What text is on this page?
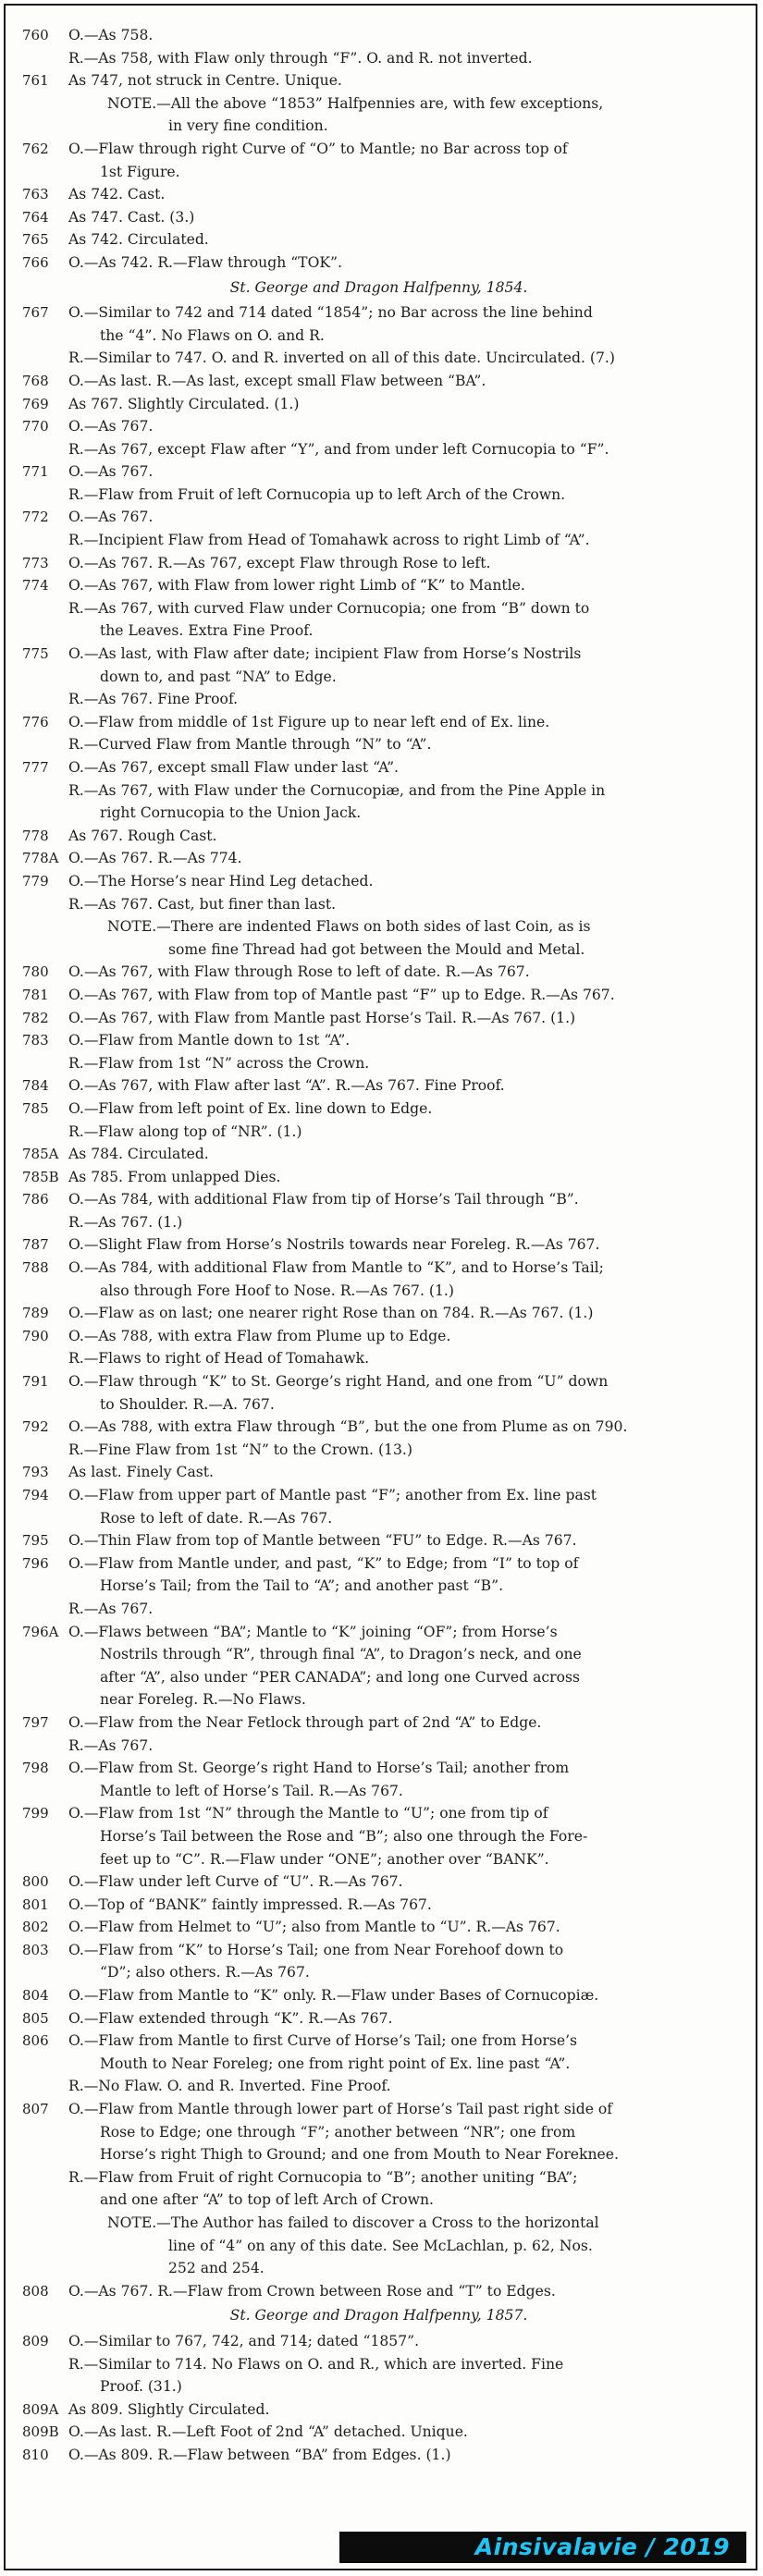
760	O.—As 758.
R.—As 758, with Flaw only through “F”. O. and R. not inverted.
761	As 747, not struck in Centre. Unique.
NOTE.—All the above “1853” Halfpennies are, with few exceptions,
in very fine condition.
762	O.—Flaw through right Curve of “O” to Mantle; no Bar across top of
1st Figure.
763	As 742. Cast.
764	As 747. Cast. (3.)
765	As 742. Circulated.
766	O.—As 742. R.—Flaw through “TOK”.
St. George and Dragon Halfpenny, 1854.
767	O.—Similar to 742 and 714 dated “1854”; no Bar across the line behind
the “4”. No Flaws on O. and R.
R.—Similar to 747. O. and R. inverted on all of this date. Uncirculated. (7.)
768	O.—As last. R.—As last, except small Flaw between “BA”.
769	As 767. Slightly Circulated. (1.)
770	O.—As 767.
R.—As 767, except Flaw after “Y”, and from under left Cornucopia to “F”.
771	O.—As 767.
R.—Flaw from Fruit of left Cornucopia up to left Arch of the Crown.
772	O.—As 767.
R.—Incipient Flaw from Head of Tomahawk across to right Limb of “A”.
773	O.—As 767. R.—As 767, except Flaw through Rose to left.
774	O.—As 767, with Flaw from lower right Limb of “K” to Mantle.
R.—As 767, with curved Flaw under Cornucopia; one from “B” down to
the Leaves. Extra Fine Proof.
775	O.—As last, with Flaw after date; incipient Flaw from Horse’s Nostrils
down to, and past “NA” to Edge.
R.—As 767. Fine Proof.
776	O.—Flaw from middle of 1st Figure up to near left end of Ex. line.
R.—Curved Flaw from Mantle through “N” to “A”.
777	O.—As 767, except small Flaw under last “A”.
R.—As 767, with Flaw under the Cornucopiæ, and from the Pine Apple in
right Cornucopia to the Union Jack.
778	As 767. Rough Cast.
778A O.—As 767. R.—As 774.
779	O.—The Horse’s near Hind Leg detached.
R.—As 767. Cast, but finer than last.
NOTE.—There are indented Flaws on both sides of last Coin, as is
some fine Thread had got between the Mould and Metal.
780	O.—As 767, with Flaw through Rose to left of date. R.—As 767.
781	O.—As 767, with Flaw from top of Mantle past “F” up to Edge. R.—As 767.
782	O.—As 767, with Flaw from Mantle past Horse’s Tail. R.—As 767. (1.)
783	O.—Flaw from Mantle down to 1st “A”.
R.—Flaw from 1st “N” across the Crown.
784	O.—As 767, with Flaw after last “A”. R.—As 767. Fine Proof.
785	O.—Flaw from left point of Ex. line down to Edge.
R.—Flaw along top of “NR”. (1.)
785A As 784. Circulated.
785B As 785. From unlapped Dies.
786	O.—As 784, with additional Flaw from tip of Horse’s Tail through “B”.
R.—As 767. (1.)
787	O.—Slight Flaw from Horse’s Nostrils towards near Foreleg. R.—As 767.
788	O.—As 784, with additional Flaw from Mantle to “K”, and to Horse’s Tail;
also through Fore Hoof to Nose. R.—As 767. (1.)
789	O.—Flaw as on last; one nearer right Rose than on 784. R.—As 767. (1.)
790	O.—As 788, with extra Flaw from Plume up to Edge.
R.—Flaws to right of Head of Tomahawk.
791	O.—Flaw through “K” to St. George’s right Hand, and one from “U” down
to Shoulder. R.—A. 767.
792	O.—As 788, with extra Flaw through “B”, but the one from Plume as on 790.
R.—Fine Flaw from 1st “N” to the Crown. (13.)
793	As last. Finely Cast.
794	O.—Flaw from upper part of Mantle past “F”; another from Ex. line past
Rose to left of date. R.—As 767.
795	O.—Thin Flaw from top of Mantle between “FU” to Edge. R.—As 767.
796	O.—Flaw from Mantle under, and past, “K” to Edge; from “I” to top of
Horse’s Tail; from the Tail to “A”; and another past “B”.
R.—As 767.
796A O.—Flaws between “BA”; Mantle to “K” joining “OF”; from Horse’s
Nostrils through “R”, through final “A”, to Dragon’s neck, and one
after “A”, also under “PER CANADA”; and long one Curved across
near Foreleg. R.—No Flaws.
797	O.—Flaw from the Near Fetlock through part of 2nd “A” to Edge.
R.—As 767.
798	O.—Flaw from St. George’s right Hand to Horse’s Tail; another from
Mantle to left of Horse’s Tail. R.—As 767.
799	O.—Flaw from 1st “N” through the Mantle to “U”; one from tip of
Horse’s Tail between the Rose and “B”; also one through the Fore-
feet up to “C”. R.—Flaw under “ONE”; another over “BANK”.
800	O.—Flaw under left Curve of “U”. R.—As 767.
801	O.—Top of “BANK” faintly impressed. R.—As 767.
802	O.—Flaw from Helmet to “U”; also from Mantle to “U”. R.—As 767.
803	O.—Flaw from “K” to Horse’s Tail; one from Near Forehoof down to
“D”; also others. R.—As 767.
804	O.—Flaw from Mantle to “K” only. R.—Flaw under Bases of Cornucopiæ.
805	O.—Flaw extended through “K”. R.—As 767.
806	O.—Flaw from Mantle to first Curve of Horse’s Tail; one from Horse’s
Mouth to Near Foreleg; one from right point of Ex. line past “A”.
R.—No Flaw. O. and R. Inverted. Fine Proof.
807	O.—Flaw from Mantle through lower part of Horse’s Tail past right side of
Rose to Edge; one through “F”; another between “NR”; one from
Horse’s right Thigh to Ground; and one from Mouth to Near Foreknee.
R.—Flaw from Fruit of right Cornucopia to “B”; another uniting “BA”;
and one after “A” to top of left Arch of Crown.
NOTE.—The Author has failed to discover a Cross to the horizontal
line of “4” on any of this date. See McLachlan, p. 62, Nos.
252 and 254.
808	O.—As 767. R.—Flaw from Crown between Rose and “T” to Edges.
St. George and Dragon Halfpenny, 1857.
809	O.—Similar to 767, 742, and 714; dated “1857”.
R.—Similar to 714. No Flaws on O. and R., which are inverted. Fine
Proof. (31.)
809A As 809. Slightly Circulated.
809B O.—As last. R.—Left Foot of 2nd “A” detached. Unique.
810	O.—As 809. R.—Flaw between “BA” from Edges. (1.)
Ainsivalavie / 2019
